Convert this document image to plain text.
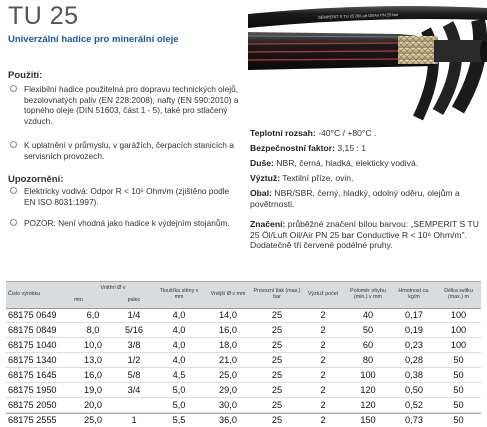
TU 25
Univerzální hadice pro minerální oleje
SEMPERIT S TU 25 Öl/Luft Oil/Air PN 25 bar
Použití:
Flexibilní hadice použitelná pro dopravu technických olejů, bezolovnatých paliv (EN 228:2008), nafty (EN 590:2010) a topného oleje (DIN 51603, část 1 - 5), také pro stlačený vzduch.
K uplatnění v průmyslu, v garážích, čerpacích stanicích a servisních provozech.
Upozornění:
Elektricky vodivá: Odpor R < 10⁶ Ohm/m (zjištěno podle EN ISO 8031:1997).
POZOR: Není vhodná jako hadice k výdejním stojanům.
Teplotní rozsah: -40°C / +80°C .
Bezpečnostní faktor: 3,15 : 1
Duše: NBR, černá, hladká, elekticky vodivá.
Výztuž: Textilní příze, ovin.
Obal: NBR/SBR, černý, hladký, odolný oděru, olejům a povětrnosti.
Značení: průběžné značení bílou barvou: „SEMPERIT S TU 25 Öl/Luft Oil/Air PN 25 bar Conductive R < 10⁶ Ohm/m". Dodatečně tři červené podélné pruhy.
Číslo výrobku	Vnitřní Ø v		Tloušťka stěny v mm	Vnější Ø v mm	Provozní tlak (max.) bar	Výztuž počet	Poloměr ohybu (min.) v mm	Hmotnost ca. kg/m	Délka svitku (max.) m
	mm	palec							
68175 0649	6,0	1/4	4,0	14,0	25	2	40	0,17	100
68175 0849	8,0	5/16	4,0	16,0	25	2	50	0,19	100
68175 1040	10,0	3/8	4,0	18,0	25	2	60	0,23	100
68175 1340	13,0	1/2	4,0	21,0	25	2	80	0,28	50
68175 1645	16,0	5/8	4,5	25,0	25	2	100	0,38	50
68175 1950	19,0	3/4	5,0	29,0	25	2	120	0,50	50
68175 2050	20,0		5,0	30,0	25	2	120	0,52	50
68175 2555	25,0	1	5,5	36,0	25	2	150	0,73	50
